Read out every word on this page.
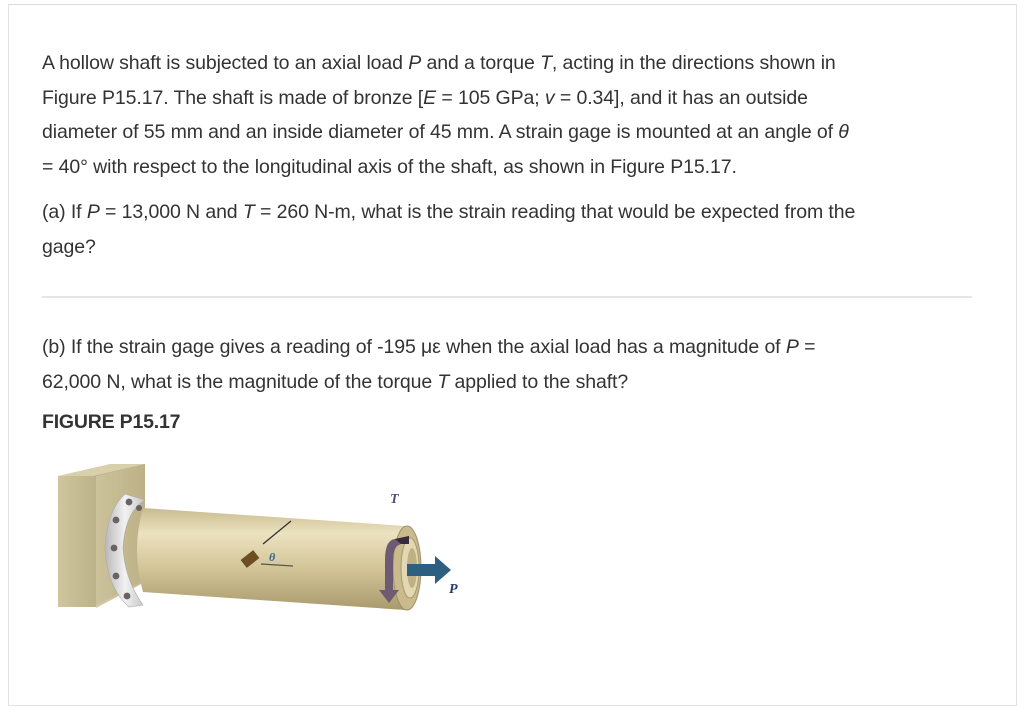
A hollow shaft is subjected to an axial load P and a torque T, acting in the directions shown in
Figure P15.17. The shaft is made of bronze [E = 105 GPa; v = 0.34], and it has an outside
diameter of 55 mm and an inside diameter of 45 mm. A strain gage is mounted at an angle of θ
= 40° with respect to the longitudinal axis of the shaft, as shown in Figure P15.17.
(a) If P = 13,000 N and T = 260 N-m, what is the strain reading that would be expected from the
gage?
(b) If the strain gage gives a reading of -195 με when the axial load has a magnitude of P =
62,000 N, what is the magnitude of the torque T applied to the shaft?
FIGURE P15.17
θ
T
P
